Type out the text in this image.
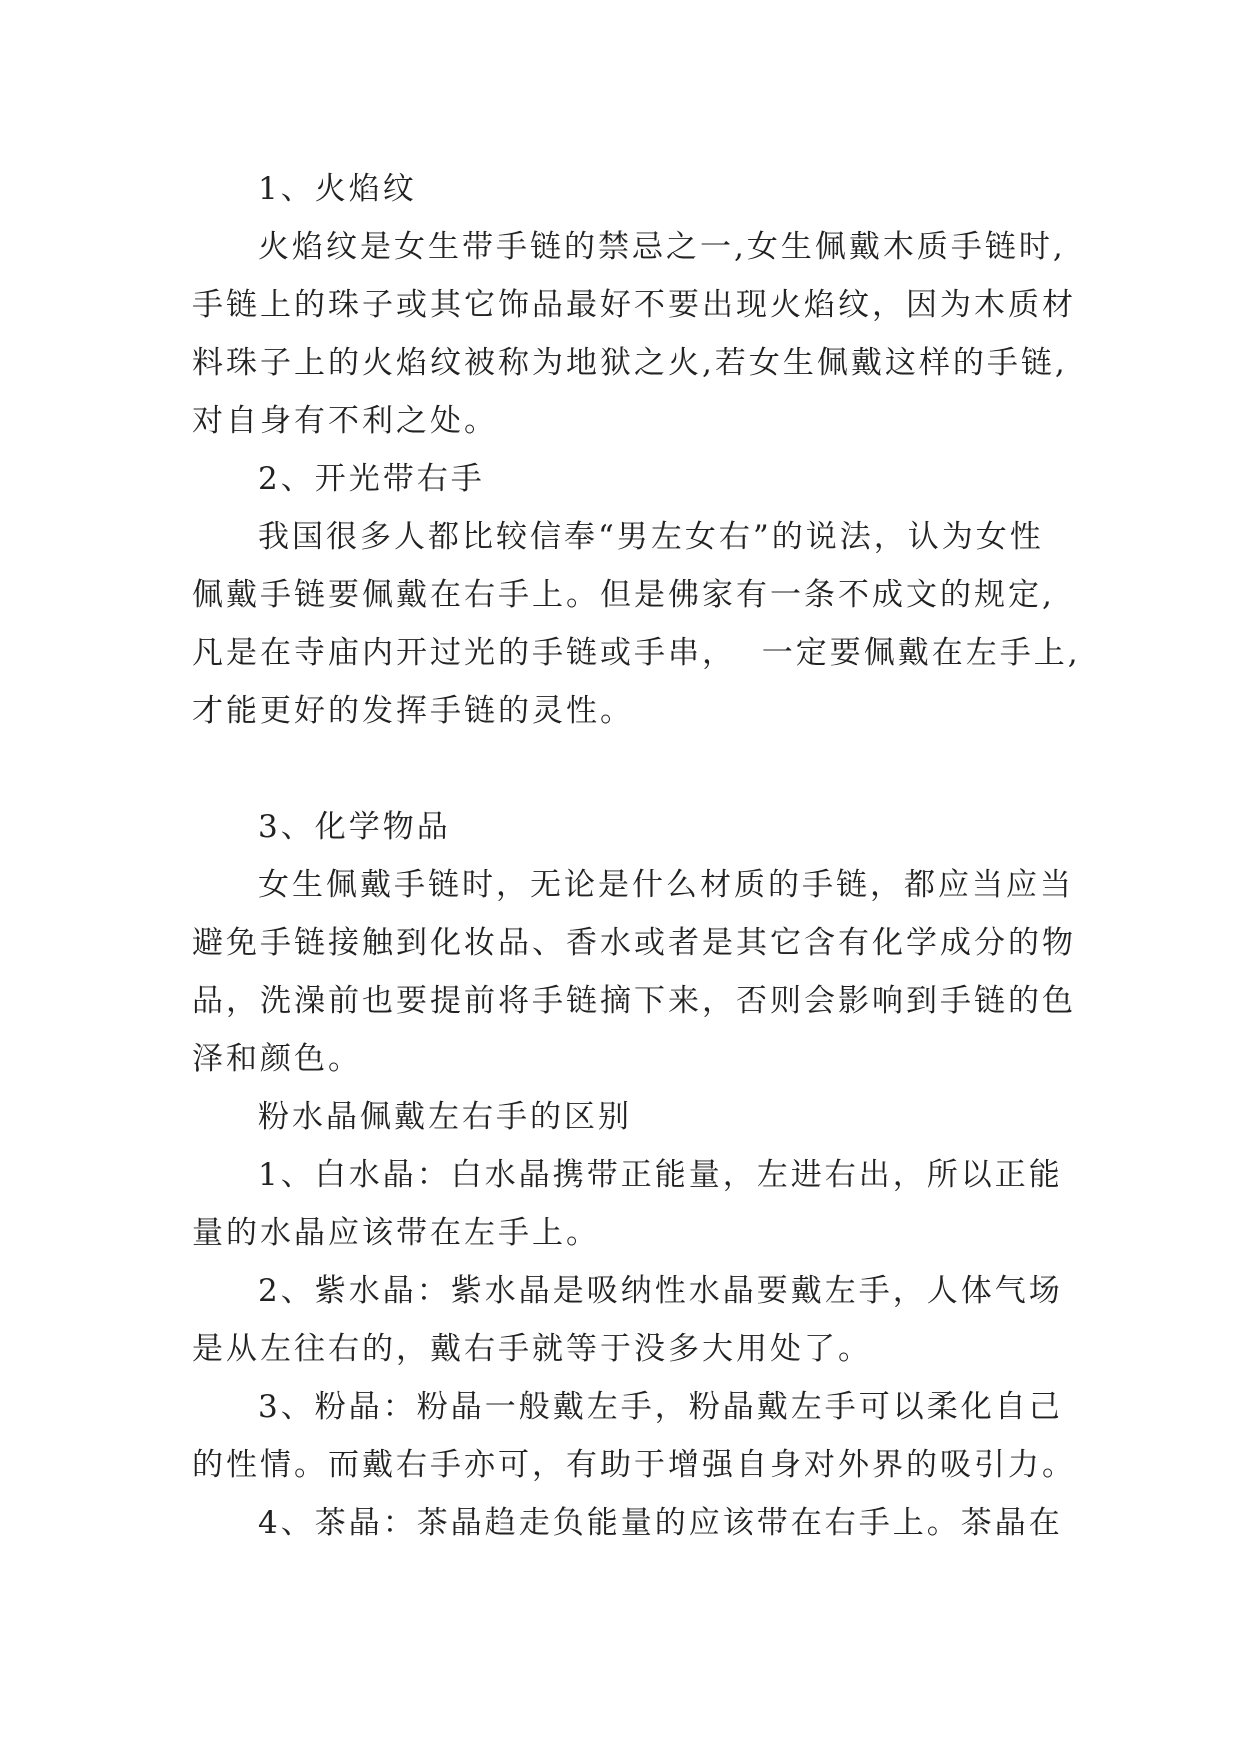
1、火焰纹
火焰纹是女生带手链的禁忌之一,女生佩戴木质手链时,
手链上的珠子或其它饰品最好不要出现火焰纹，因为木质材
料珠子上的火焰纹被称为地狱之火,若女生佩戴这样的手链,
对自身有不利之处。
2、开光带右手
我国很多人都比较信奉“男左女右”的说法，认为女性
佩戴手链要佩戴在右手上。但是佛家有一条不成文的规定,
凡是在寺庙内开过光的手链或手串，  一定要佩戴在左手上,
才能更好的发挥手链的灵性。
3、化学物品
女生佩戴手链时，无论是什么材质的手链，都应当应当
避免手链接触到化妆品、香水或者是其它含有化学成分的物
品，洗澡前也要提前将手链摘下来，否则会影响到手链的色
泽和颜色。
粉水晶佩戴左右手的区别
1、白水晶：白水晶携带正能量，左进右出，所以正能
量的水晶应该带在左手上。
2、紫水晶：紫水晶是吸纳性水晶要戴左手，人体气场
是从左往右的，戴右手就等于没多大用处了。
3、粉晶：粉晶一般戴左手，粉晶戴左手可以柔化自己
的性情。而戴右手亦可，有助于增强自身对外界的吸引力。
4、茶晶：茶晶趋走负能量的应该带在右手上。茶晶在
